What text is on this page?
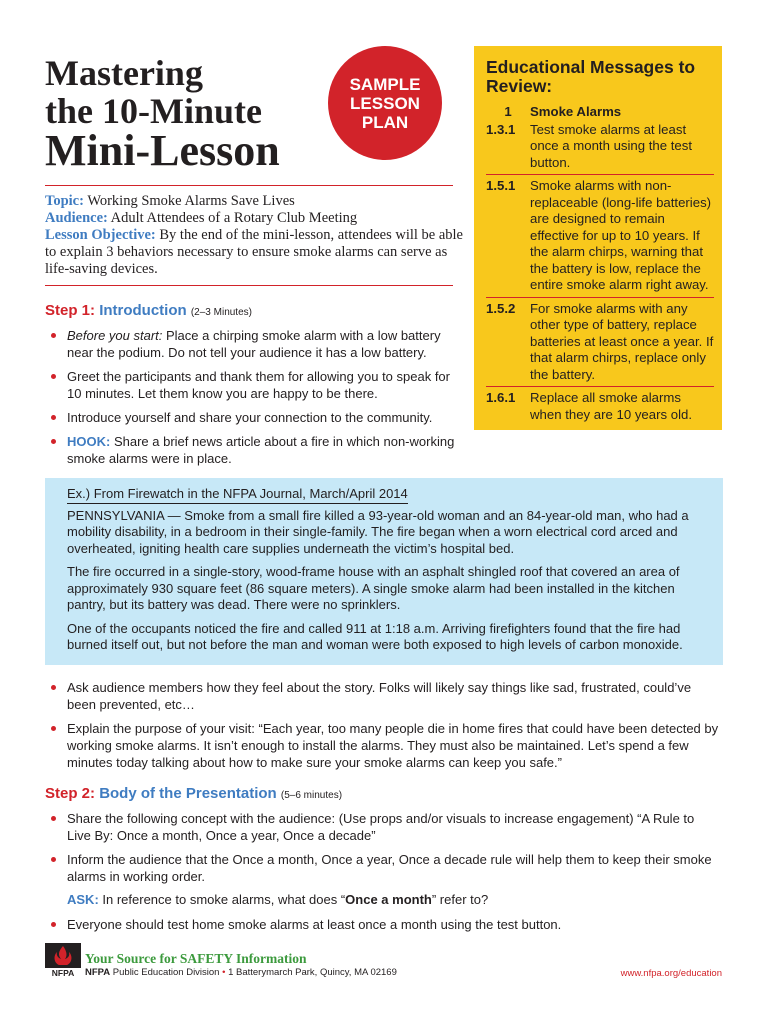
Mastering
the 10-Minute
Mini-Lesson
SAMPLE
LESSON
PLAN
Topic: Working Smoke Alarms Save Lives
Audience: Adult Attendees of a Rotary Club Meeting
Lesson Objective: By the end of the mini-lesson, attendees will be able to explain 3 behaviors necessary to ensure smoke alarms can serve as life-saving devices.
Educational Messages to Review:
1	Smoke Alarms
1.3.1	Test smoke alarms at least once a month using the test button.
1.5.1	Smoke alarms with non-replaceable (long-life batteries) are designed to remain effective for up to 10 years. If the alarm chirps, warning that the battery is low, replace the entire smoke alarm right away.
1.5.2	For smoke alarms with any other type of battery, replace batteries at least once a year. If that alarm chirps, replace only the battery.
1.6.1	Replace all smoke alarms when they are 10 years old.
Step 1: Introduction (2–3 Minutes)
Before you start: Place a chirping smoke alarm with a low battery near the podium. Do not tell your audience it has a low battery.
Greet the participants and thank them for allowing you to speak for 10 minutes. Let them know you are happy to be there.
Introduce yourself and share your connection to the community.
HOOK: Share a brief news article about a fire in which non-working smoke alarms were in place.
Ex.) From Firewatch in the NFPA Journal, March/April 2014

PENNSYLVANIA — Smoke from a small fire killed a 93-year-old woman and an 84-year-old man, who had a mobility disability, in a bedroom in their single-family. The fire began when a worn electrical cord arced and overheated, igniting health care supplies underneath the victim’s hospital bed.

The fire occurred in a single-story, wood-frame house with an asphalt shingled roof that covered an area of approximately 930 square feet (86 square meters). A single smoke alarm had been installed in the kitchen pantry, but its battery was dead. There were no sprinklers.

One of the occupants noticed the fire and called 911 at 1:18 a.m. Arriving firefighters found that the fire had burned itself out, but not before the man and woman were both exposed to high levels of carbon monoxide.

Ask audience members how they feel about the story. Folks will likely say things like sad, frustrated, could’ve been prevented, etc…
Explain the purpose of your visit: “Each year, too many people die in home fires that could have been detected by working smoke alarms. It isn’t enough to install the alarms. They must also be maintained. Let’s spend a few minutes today talking about how to make sure your smoke alarms can keep you safe.”
Step 2: Body of the Presentation (5–6 minutes)
Share the following concept with the audience: (Use props and/or visuals to increase engagement) “A Rule to Live By: Once a month, Once a year, Once a decade”
Inform the audience that the Once a month, Once a year, Once a decade rule will help them to keep their smoke alarms in working order.
ASK: In reference to smoke alarms, what does “Once a month” refer to?
Everyone should test home smoke alarms at least once a month using the test button.
NFPA
Your Source for SAFETY Information
NFPA Public Education Division • 1 Batterymarch Park, Quincy, MA 02169	www.nfpa.org/education
